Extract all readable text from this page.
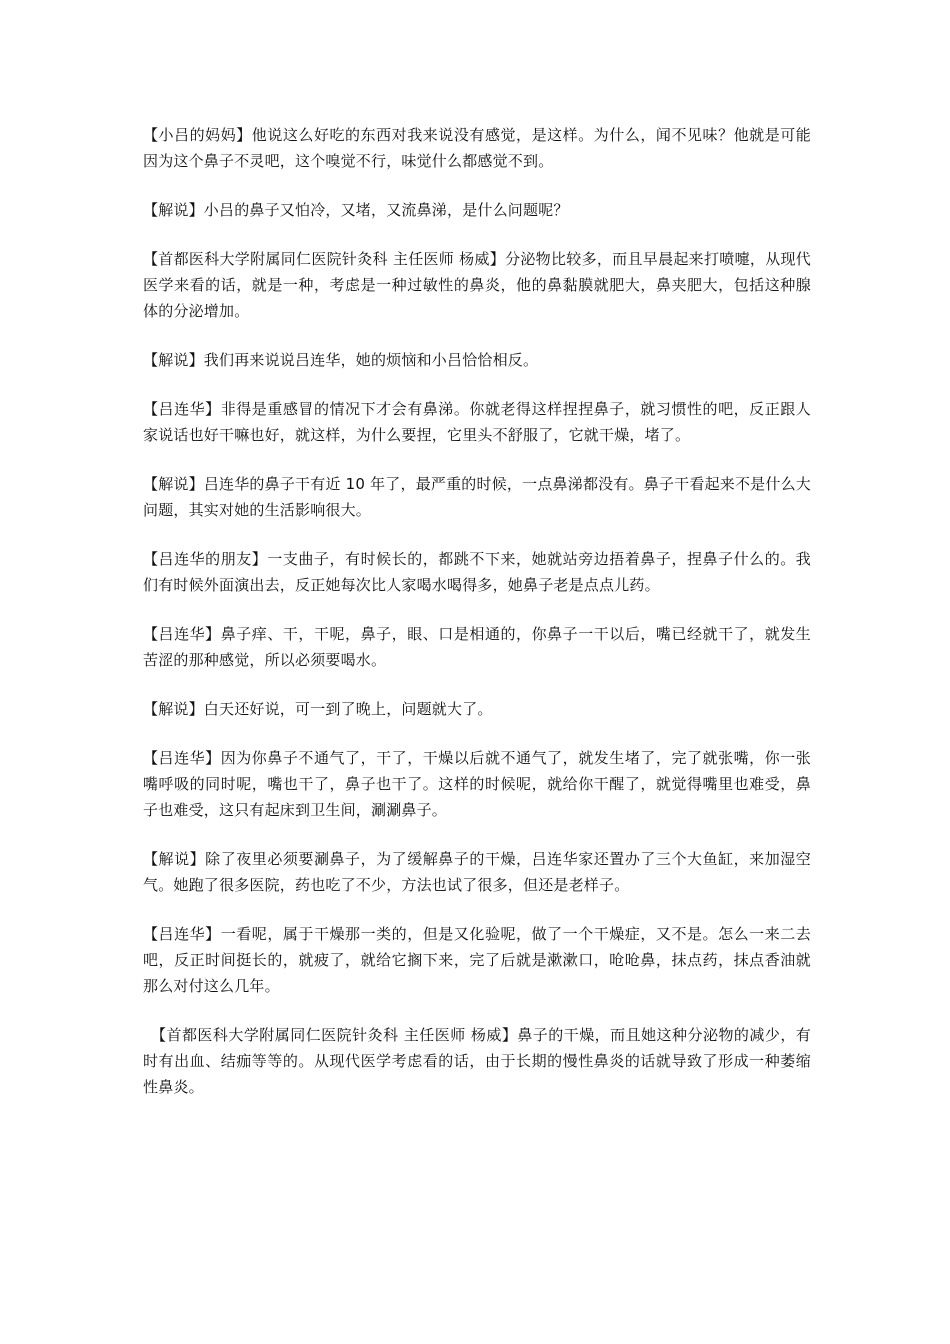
【小吕的妈妈】他说这么好吃的东西对我来说没有感觉，是这样。为什么，闻不见味？他就是可能因为这个鼻子不灵吧，这个嗅觉不行，味觉什么都感觉不到。

【解说】小吕的鼻子又怕冷，又堵，又流鼻涕，是什么问题呢？

【首都医科大学附属同仁医院针灸科 主任医师 杨威】分泌物比较多，而且早晨起来打喷嚏，从现代医学来看的话，就是一种，考虑是一种过敏性的鼻炎，他的鼻黏膜就肥大，鼻夹肥大，包括这种腺体的分泌增加。

【解说】我们再来说说吕连华，她的烦恼和小吕恰恰相反。

【吕连华】非得是重感冒的情况下才会有鼻涕。你就老得这样捏捏鼻子，就习惯性的吧，反正跟人家说话也好干嘛也好，就这样，为什么要捏，它里头不舒服了，它就干燥，堵了。

【解说】吕连华的鼻子干有近 10 年了，最严重的时候，一点鼻涕都没有。鼻子干看起来不是什么大问题，其实对她的生活影响很大。

【吕连华的朋友】一支曲子，有时候长的，都跳不下来，她就站旁边捂着鼻子，捏鼻子什么的。我们有时候外面演出去，反正她每次比人家喝水喝得多，她鼻子老是点点儿药。

【吕连华】鼻子痒、干，干呢，鼻子，眼、口是相通的，你鼻子一干以后，嘴已经就干了，就发生苦涩的那种感觉，所以必须要喝水。

【解说】白天还好说，可一到了晚上，问题就大了。

【吕连华】因为你鼻子不通气了，干了，干燥以后就不通气了，就发生堵了，完了就张嘴，你一张嘴呼吸的同时呢，嘴也干了，鼻子也干了。这样的时候呢，就给你干醒了，就觉得嘴里也难受，鼻子也难受，这只有起床到卫生间，涮涮鼻子。

【解说】除了夜里必须要涮鼻子，为了缓解鼻子的干燥，吕连华家还置办了三个大鱼缸，来加湿空气。她跑了很多医院，药也吃了不少，方法也试了很多，但还是老样子。

【吕连华】一看呢，属于干燥那一类的，但是又化验呢，做了一个干燥症，又不是。怎么一来二去吧，反正时间挺长的，就疲了，就给它搁下来，完了后就是漱漱口，呛呛鼻，抹点药，抹点香油就那么对付这么几年。

【首都医科大学附属同仁医院针灸科 主任医师 杨威】鼻子的干燥，而且她这种分泌物的减少，有时有出血、结痂等等的。从现代医学考虑看的话，由于长期的慢性鼻炎的话就导致了形成一种萎缩性鼻炎。
